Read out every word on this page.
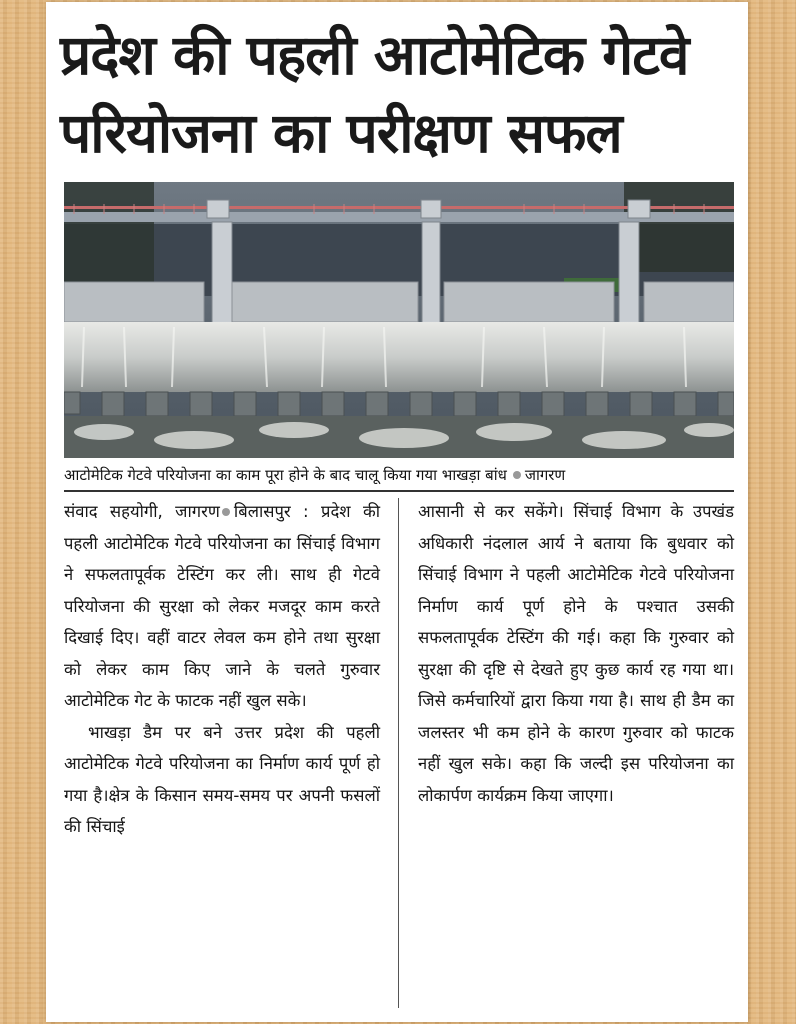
प्रदेश की पहली आटोमेटिक गेटवे
परियोजना का परीक्षण सफल
आटोमेटिक गेटवे परियोजना का काम पूरा होने के बाद चालू किया गया भाखड़ा बांध जागरण

संवाद सहयोगी, जागरण बिलासपुर : प्रदेश की पहली आटोमेटिक गेटवे परियोजना का सिंचाई विभाग ने सफलतापूर्वक टेस्टिंग कर ली। साथ ही गेटवे परियोजना की सुरक्षा को लेकर मजदूर काम करते दिखाई दिए। वहीं वाटर लेवल कम होने तथा सुरक्षा को लेकर काम किए जाने के चलते गुरुवार आटोमेटिक गेट के फाटक नहीं खुल सके।

भाखड़ा डैम पर बने उत्तर प्रदेश की पहली आटोमेटिक गेटवे परियोजना का निर्माण कार्य पूर्ण हो गया है।क्षेत्र के किसान समय-समय पर अपनी फसलों की सिंचाई

आसानी से कर सकेंगे। सिंचाई विभाग के उपखंड अधिकारी नंदलाल आर्य ने बताया कि बुधवार को सिंचाई विभाग ने पहली आटोमेटिक गेटवे परियोजना निर्माण कार्य पूर्ण होने के पश्चात उसकी सफलतापूर्वक टेस्टिंग की गई। कहा कि गुरुवार को सुरक्षा की दृष्टि से देखते हुए कुछ कार्य रह गया था। जिसे कर्मचारियों द्वारा किया गया है। साथ ही डैम का जलस्तर भी कम होने के कारण गुरुवार को फाटक नहीं खुल सके। कहा कि जल्दी इस परियोजना का लोकार्पण कार्यक्रम किया जाएगा।
